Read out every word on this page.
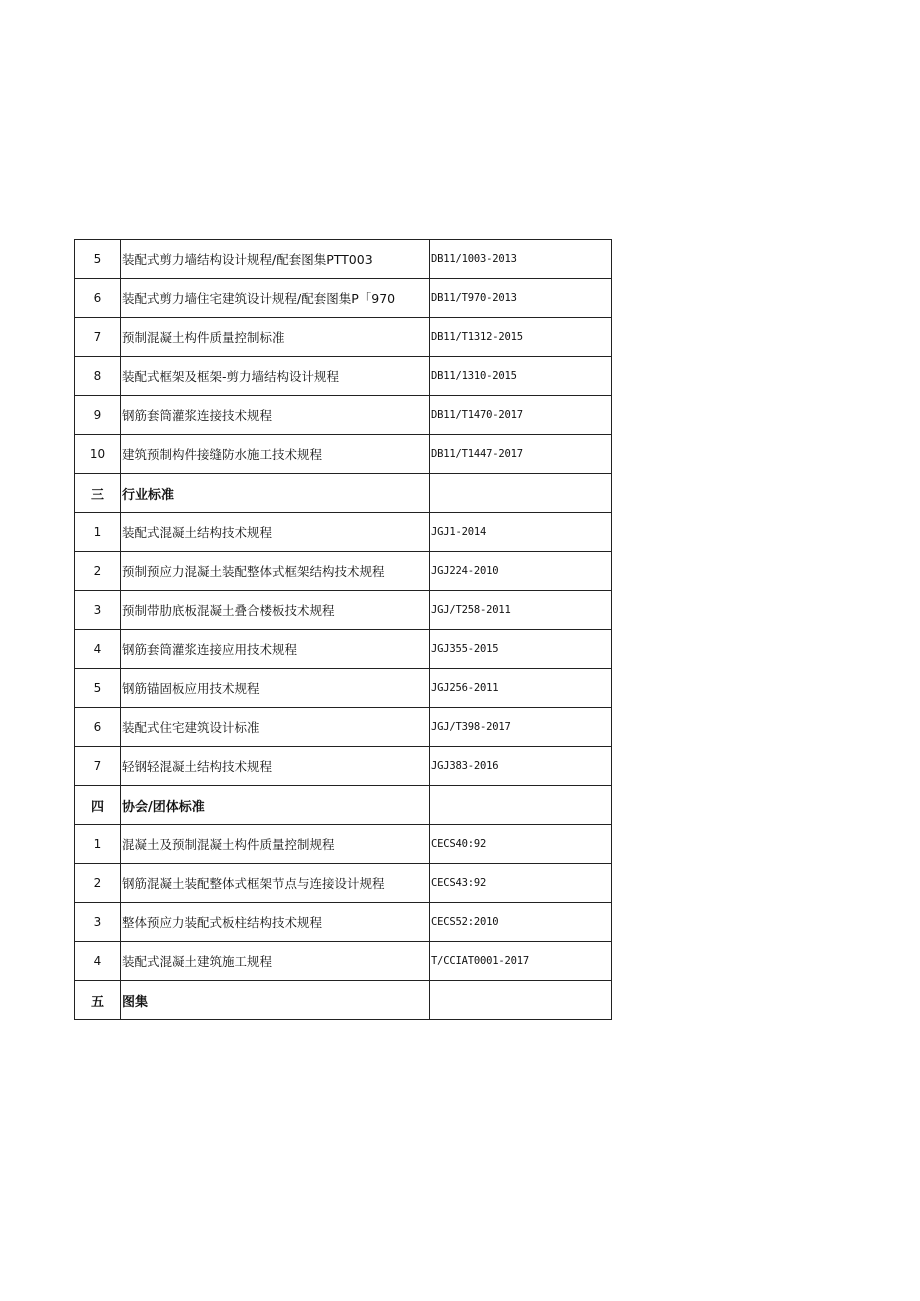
5	装配式剪力墙结构设计规程/配套图集PTT003	DB11/1003-2013
6	装配式剪力墙住宅建筑设计规程/配套图集P「970	DB11/T970-2013
7	预制混凝土构件质量控制标准	DB11/T1312-2015
8	装配式框架及框架-剪力墙结构设计规程	DB11/1310-2015
9	钢筋套筒灌浆连接技术规程	DB11/T1470-2017
10	建筑预制构件接缝防水施工技术规程	DB11/T1447-2017
三	行业标准	
1	装配式混凝土结构技术规程	JGJ1-2014
2	预制预应力混凝土装配整体式框架结构技术规程	JGJ224-2010
3	预制带肋底板混凝土叠合楼板技术规程	JGJ/T258-2011
4	钢筋套筒灌浆连接应用技术规程	JGJ355-2015
5	钢筋锚固板应用技术规程	JGJ256-2011
6	装配式住宅建筑设计标准	JGJ/T398-2017
7	轻钢轻混凝土结构技术规程	JGJ383-2016
四	协会/团体标准	
1	混凝土及预制混凝土构件质量控制规程	CECS40:92
2	钢筋混凝土装配整体式框架节点与连接设计规程	CECS43:92
3	整体预应力装配式板柱结构技术规程	CECS52:2010
4	装配式混凝土建筑施工规程	T/CCIAT0001-2017
五	图集	
